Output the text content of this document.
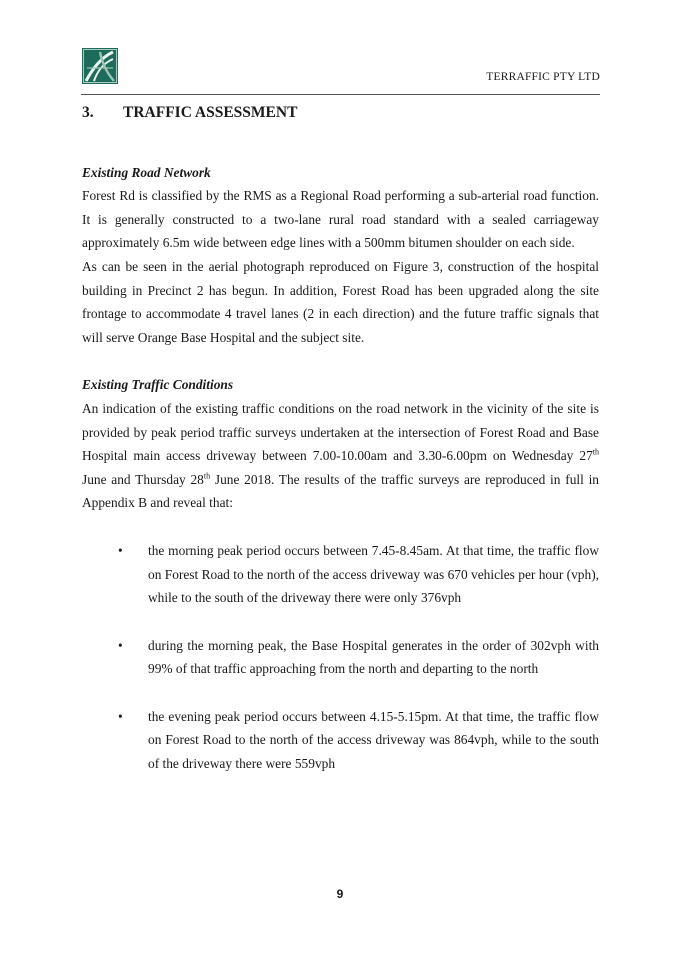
TERRAFFIC PTY LTD
3.	TRAFFIC ASSESSMENT
Existing Road Network

Forest Rd is classified by the RMS as a Regional Road performing a sub-arterial road function. It is generally constructed to a two-lane rural road standard with a sealed carriageway approximately 6.5m wide between edge lines with a 500mm bitumen shoulder on each side.

As can be seen in the aerial photograph reproduced on Figure 3, construction of the hospital building in Precinct 2 has begun. In addition, Forest Road has been upgraded along the site frontage to accommodate 4 travel lanes (2 in each direction) and the future traffic signals that will serve Orange Base Hospital and the subject site.

Existing Traffic Conditions

An indication of the existing traffic conditions on the road network in the vicinity of the site is provided by peak period traffic surveys undertaken at the intersection of Forest Road and Base Hospital main access driveway between 7.00-10.00am and 3.30-6.00pm on Wednesday 27th June and Thursday 28th June 2018. The results of the traffic surveys are reproduced in full in Appendix B and reveal that:

• the morning peak period occurs between 7.45-8.45am. At that time, the traffic flow on Forest Road to the north of the access driveway was 670 vehicles per hour (vph), while to the south of the driveway there were only 376vph
• during the morning peak, the Base Hospital generates in the order of 302vph with 99% of that traffic approaching from the north and departing to the north
• the evening peak period occurs between 4.15-5.15pm. At that time, the traffic flow on Forest Road to the north of the access driveway was 864vph, while to the south of the driveway there were 559vph
9
